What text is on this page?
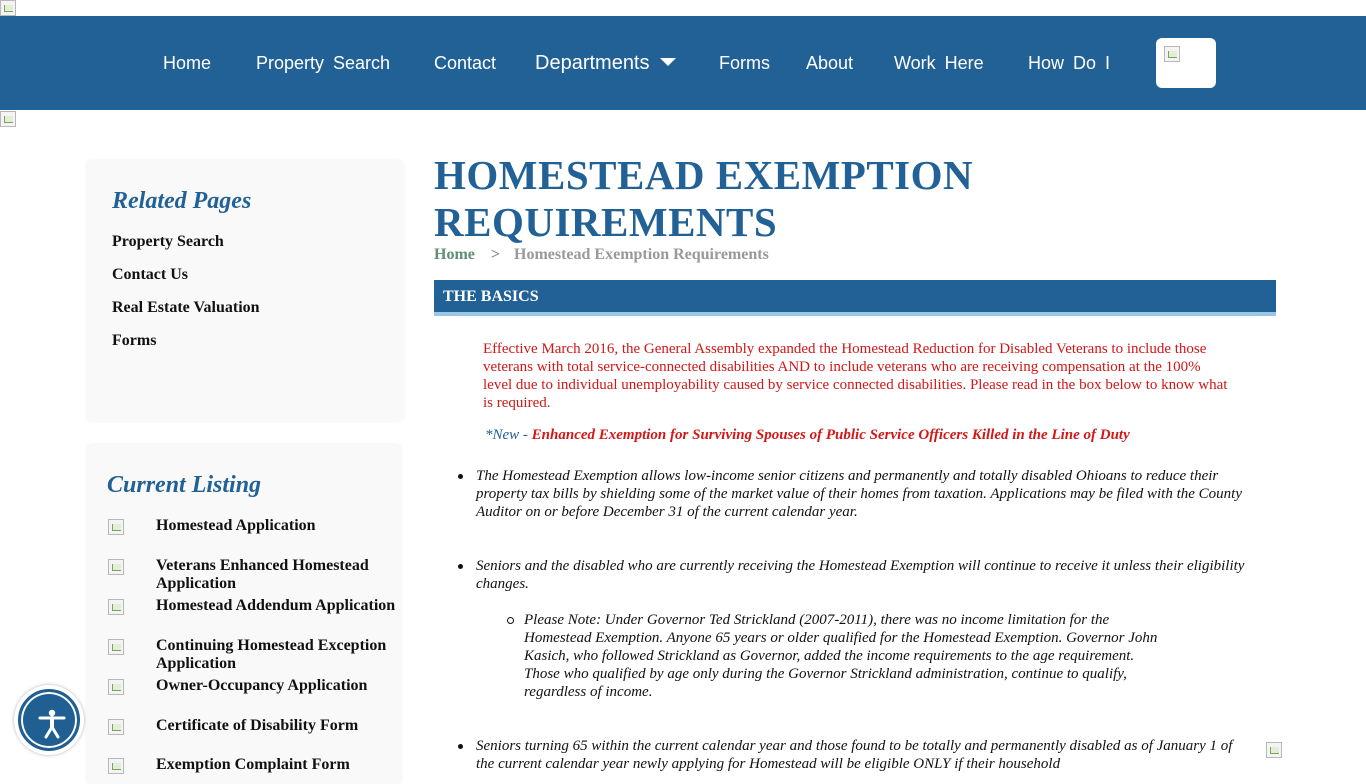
Home Property Search Contact Departments	Forms About Work Here How Do I
Related Pages
Property Search
Contact Us
Real Estate Valuation
Forms
Current Listing
Homestead Application
Veterans Enhanced Homestead Application
Homestead Addendum Application
Continuing Homestead Exception Application
Owner-Occupancy Application
Certificate of Disability Form
Exemption Complaint Form
HOMESTEAD EXEMPTION REQUIREMENTS
Home > Homestead Exemption Requirements
THE BASICS

Effective March 2016, the General Assembly expanded the Homestead Reduction for Disabled Veterans to include those veterans with total service-connected disabilities AND to include veterans who are receiving compensation at the 100% level due to individual unemployability caused by service connected disabilities. Please read in the box below to know what is required.

*New - Enhanced Exemption for Surviving Spouses of Public Service Officers Killed in the Line of Duty

The Homestead Exemption allows low-income senior citizens and permanently and totally disabled Ohioans to reduce their property tax bills by shielding some of the market value of their homes from taxation. Applications may be filed with the County Auditor on or before December 31 of the current calendar year.

Seniors and the disabled who are currently receiving the Homestead Exemption will continue to receive it unless their eligibility changes.

Please Note: Under Governor Ted Strickland (2007-2011), there was no income limitation for the Homestead Exemption. Anyone 65 years or older qualified for the Homestead Exemption. Governor John Kasich, who followed Strickland as Governor, added the income requirements to the age requirement. Those who qualified by age only during the Governor Strickland administration, continue to qualify, regardless of income.

Seniors turning 65 within the current calendar year and those found to be totally and permanently disabled as of January 1 of the current calendar year newly applying for Homestead will be eligible ONLY if their household
